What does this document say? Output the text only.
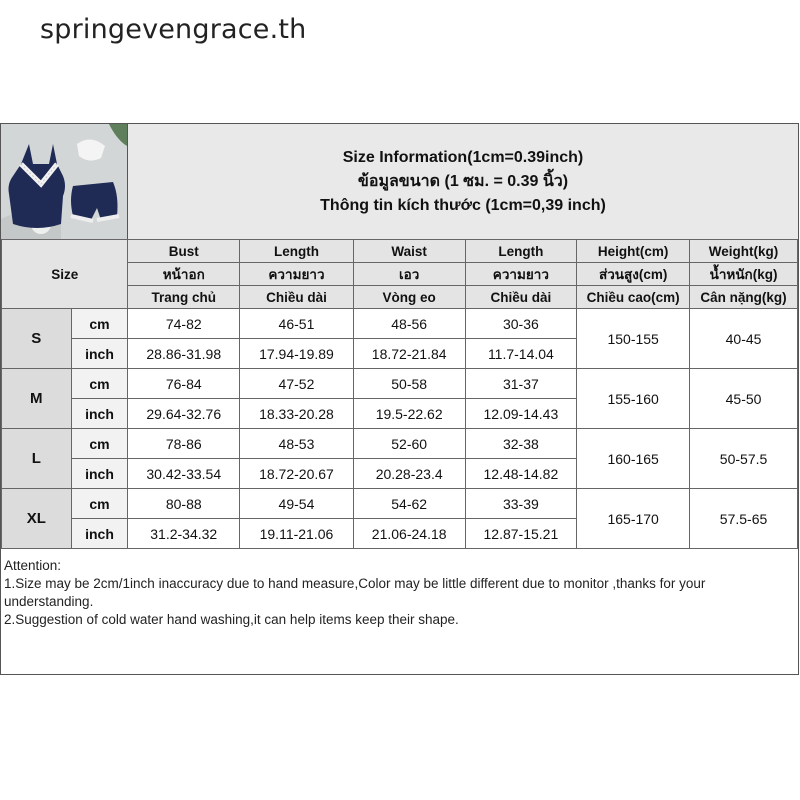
springevengrace.th
Size Information(1cm=0.39inch)
ข้อมูลขนาด (1 ซม. = 0.39 นิ้ว)
Thông tin kích thước (1cm=0,39 inch)
Size		Bust	Length	Waist	Length	Height(cm)	Weight(kg)
		หน้าอก	ความยาว	เอว	ความยาว	ส่วนสูง(cm)	น้ำหนัก(kg)
		Trang chủ	Chiều dài	Vòng eo	Chiều dài	Chiều cao(cm)	Cân nặng(kg)
S	cm	74-82	46-51	48-56	30-36	150-155	40-45
	inch	28.86-31.98	17.94-19.89	18.72-21.84	11.7-14.04		
M	cm	76-84	47-52	50-58	31-37	155-160	45-50
	inch	29.64-32.76	18.33-20.28	19.5-22.62	12.09-14.43		
L	cm	78-86	48-53	52-60	32-38	160-165	50-57.5
	inch	30.42-33.54	18.72-20.67	20.28-23.4	12.48-14.82		
XL	cm	80-88	49-54	54-62	33-39	165-170	57.5-65
	inch	31.2-34.32	19.11-21.06	21.06-24.18	12.87-15.21		
Attention:
1.Size may be 2cm/1inch inaccuracy due to hand measure,Color may be little different due to monitor ,thanks for your understanding.
2.Suggestion of cold water hand washing,it can help items keep their shape.
